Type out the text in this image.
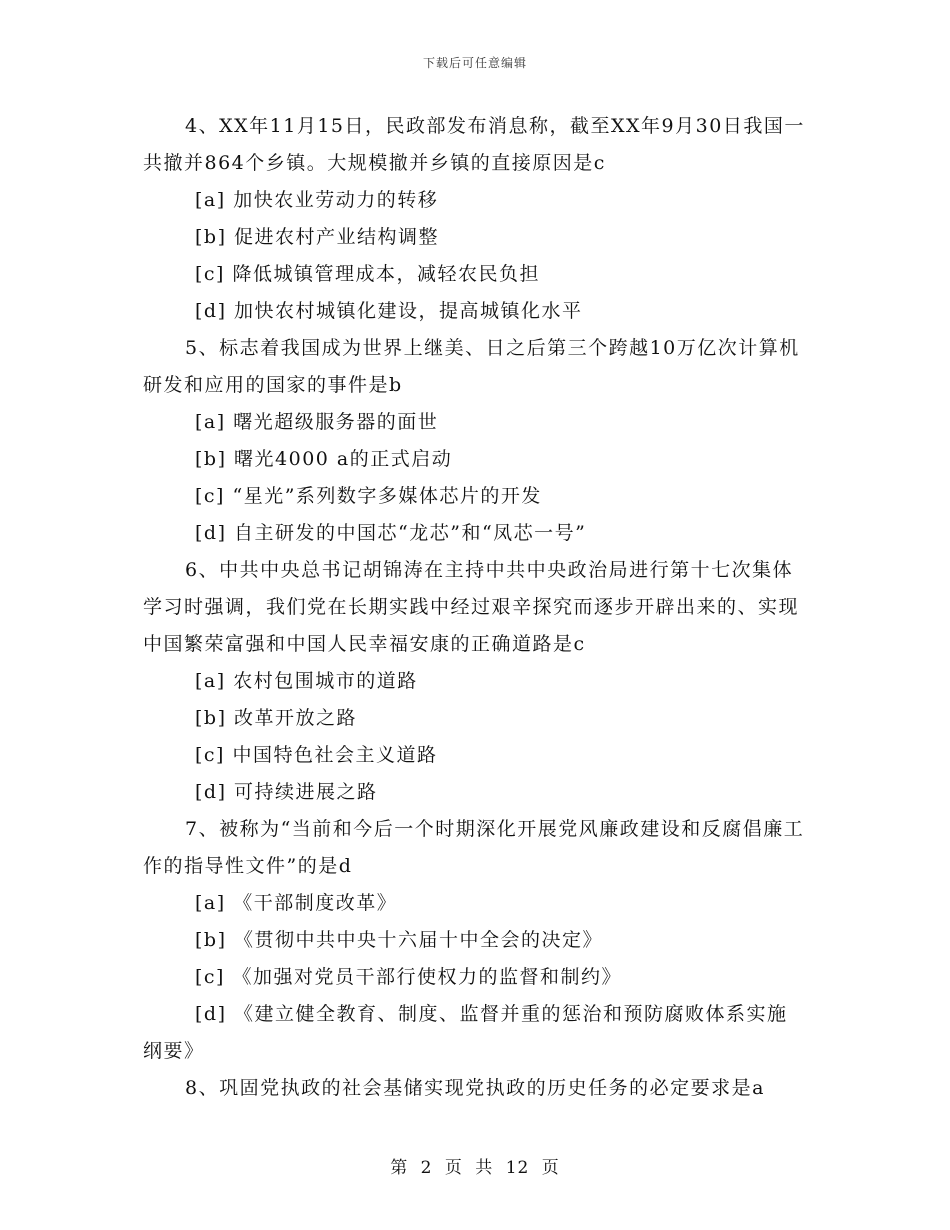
下载后可任意编辑

4、XX年11月15日，民政部发布消息称，截至XX年9月30日我国一共撤并864个乡镇。大规模撤并乡镇的直接原因是c

[a] 加快农业劳动力的转移

[b] 促进农村产业结构调整

[c] 降低城镇管理成本，减轻农民负担

[d] 加快农村城镇化建设，提高城镇化水平

5、标志着我国成为世界上继美、日之后第三个跨越10万亿次计算机研发和应用的国家的事件是b

[a] 曙光超级服务器的面世

[b] 曙光4000 a的正式启动

[c] “星光”系列数字多媒体芯片的开发

[d] 自主研发的中国芯“龙芯”和“凤芯一号”

6、中共中央总书记胡锦涛在主持中共中央政治局进行第十七次集体学习时强调，我们党在长期实践中经过艰辛探究而逐步开辟出来的、实现中国繁荣富强和中国人民幸福安康的正确道路是c

[a] 农村包围城市的道路

[b] 改革开放之路

[c] 中国特色社会主义道路

[d] 可持续进展之路

7、被称为“当前和今后一个时期深化开展党风廉政建设和反腐倡廉工作的指导性文件”的是d

[a] 《干部制度改革》

[b] 《贯彻中共中央十六届十中全会的决定》

[c] 《加强对党员干部行使权力的监督和制约》

[d] 《建立健全教育、制度、监督并重的惩治和预防腐败体系实施纲要》

8、巩固党执政的社会基储实现党执政的历史任务的必定要求是a

第 2 页 共 12 页
